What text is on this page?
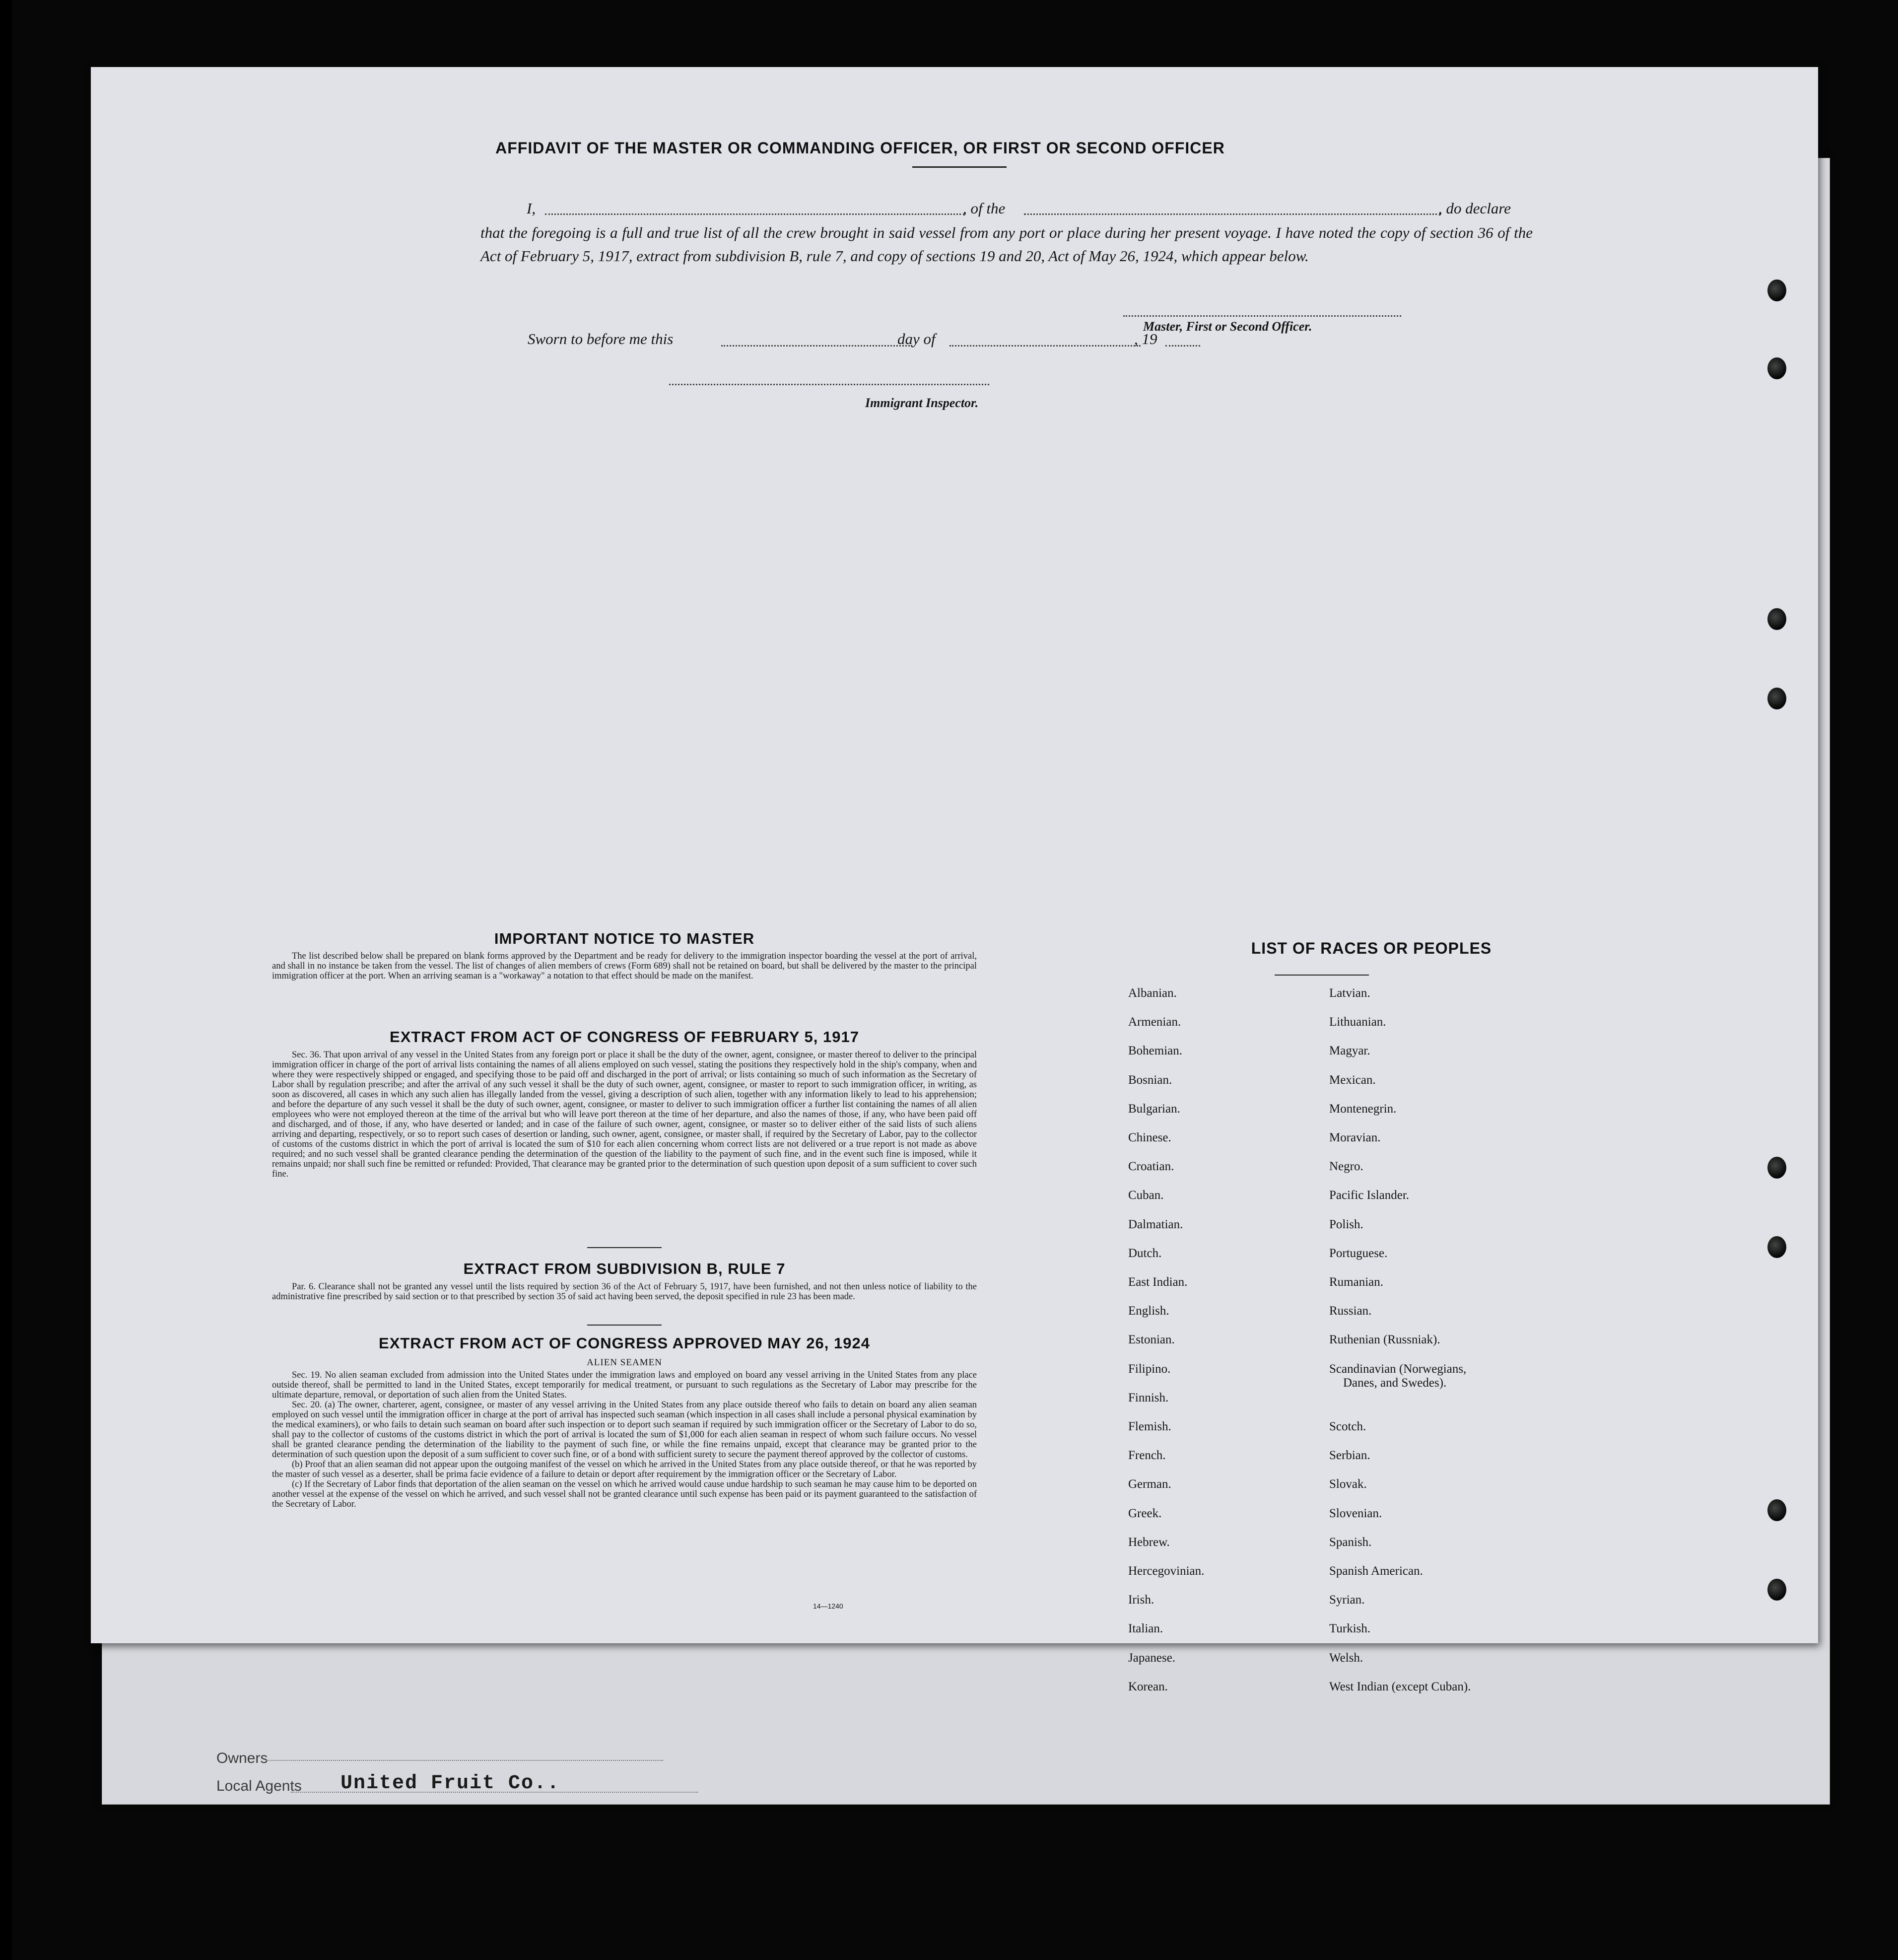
Owners
Local Agents United Fruit Co..
AFFIDAVIT OF THE MASTER OR COMMANDING OFFICER, OR FIRST OR SECOND OFFICER
I,	, of the	, do declare
that the foregoing is a full and true list of all the crew brought in said vessel from any port or place during her present voyage. I have noted the copy of section 36 of the Act of February 5, 1917, extract from subdivision B, rule 7, and copy of sections 19 and 20, Act of May 26, 1924, which appear below.
Master, First or Second Officer.
Sworn to before me this	day of	, 19
Immigrant Inspector.
IMPORTANT NOTICE TO MASTER

The list described below shall be prepared on blank forms approved by the Department and be ready for delivery to the immigration inspector boarding the vessel at the port of arrival, and shall in no instance be taken from the vessel. The list of changes of alien members of crews (Form 689) shall not be retained on board, but shall be delivered by the master to the principal immigration officer at the port. When an arriving seaman is a "workaway" a notation to that effect should be made on the manifest.

EXTRACT FROM ACT OF CONGRESS OF FEBRUARY 5, 1917

Sec. 36. That upon arrival of any vessel in the United States from any foreign port or place it shall be the duty of the owner, agent, consignee, or master thereof to deliver to the principal immigration officer in charge of the port of arrival lists containing the names of all aliens employed on such vessel, stating the positions they respectively hold in the ship's company, when and where they were respectively shipped or engaged, and specifying those to be paid off and discharged in the port of arrival; or lists containing so much of such information as the Secretary of Labor shall by regulation prescribe; and after the arrival of any such vessel it shall be the duty of such owner, agent, consignee, or master to report to such immigration officer, in writing, as soon as discovered, all cases in which any such alien has illegally landed from the vessel, giving a description of such alien, together with any information likely to lead to his apprehension; and before the departure of any such vessel it shall be the duty of such owner, agent, consignee, or master to deliver to such immigration officer a further list containing the names of all alien employees who were not employed thereon at the time of the arrival but who will leave port thereon at the time of her departure, and also the names of those, if any, who have been paid off and discharged, and of those, if any, who have deserted or landed; and in case of the failure of such owner, agent, consignee, or master so to deliver either of the said lists of such aliens arriving and departing, respectively, or so to report such cases of desertion or landing, such owner, agent, consignee, or master shall, if required by the Secretary of Labor, pay to the collector of customs of the customs district in which the port of arrival is located the sum of $10 for each alien concerning whom correct lists are not delivered or a true report is not made as above required; and no such vessel shall be granted clearance pending the determination of the question of the liability to the payment of such fine, and in the event such fine is imposed, while it remains unpaid; nor shall such fine be remitted or refunded: Provided, That clearance may be granted prior to the determination of such question upon deposit of a sum sufficient to cover such fine.

EXTRACT FROM SUBDIVISION B, RULE 7

Par. 6. Clearance shall not be granted any vessel until the lists required by section 36 of the Act of February 5, 1917, have been furnished, and not then unless notice of liability to the administrative fine prescribed by said section or to that prescribed by section 35 of said act having been served, the deposit specified in rule 23 has been made.

EXTRACT FROM ACT OF CONGRESS APPROVED MAY 26, 1924
ALIEN SEAMEN

Sec. 19. No alien seaman excluded from admission into the United States under the immigration laws and employed on board any vessel arriving in the United States from any place outside thereof, shall be permitted to land in the United States, except temporarily for medical treatment, or pursuant to such regulations as the Secretary of Labor may prescribe for the ultimate departure, removal, or deportation of such alien from the United States.

Sec. 20. (a) The owner, charterer, agent, consignee, or master of any vessel arriving in the United States from any place outside thereof who fails to detain on board any alien seaman employed on such vessel until the immigration officer in charge at the port of arrival has inspected such seaman (which inspection in all cases shall include a personal physical examination by the medical examiners), or who fails to detain such seaman on board after such inspection or to deport such seaman if required by such immigration officer or the Secretary of Labor to do so, shall pay to the collector of customs of the customs district in which the port of arrival is located the sum of $1,000 for each alien seaman in respect of whom such failure occurs. No vessel shall be granted clearance pending the determination of the liability to the payment of such fine, or while the fine remains unpaid, except that clearance may be granted prior to the determination of such question upon the deposit of a sum sufficient to cover such fine, or of a bond with sufficient surety to secure the payment thereof approved by the collector of customs.

(b) Proof that an alien seaman did not appear upon the outgoing manifest of the vessel on which he arrived in the United States from any place outside thereof, or that he was reported by the master of such vessel as a deserter, shall be prima facie evidence of a failure to detain or deport after requirement by the immigration officer or the Secretary of Labor.

(c) If the Secretary of Labor finds that deportation of the alien seaman on the vessel on which he arrived would cause undue hardship to such seaman he may cause him to be deported on another vessel at the expense of the vessel on which he arrived, and such vessel shall not be granted clearance until such expense has been paid or its payment guaranteed to the satisfaction of the Secretary of Labor.

14—1240
LIST OF RACES OR PEOPLES
Albanian.
Armenian.
Bohemian.
Bosnian.
Bulgarian.
Chinese.
Croatian.
Cuban.
Dalmatian.
Dutch.
East Indian.
English.
Estonian.
Filipino.
Finnish.
Flemish.
French.
German.
Greek.
Hebrew.
Hercegovinian.
Irish.
Italian.
Japanese.
Korean.
Latvian.
Lithuanian.
Magyar.
Mexican.
Montenegrin.
Moravian.
Negro.
Pacific Islander.
Polish.
Portuguese.
Rumanian.
Russian.
Ruthenian (Russniak).
Scandinavian (Norwegians,
Danes, and Swedes).
Scotch.
Serbian.
Slovak.
Slovenian.
Spanish.
Spanish American.
Syrian.
Turkish.
Welsh.
West Indian (except Cuban).
